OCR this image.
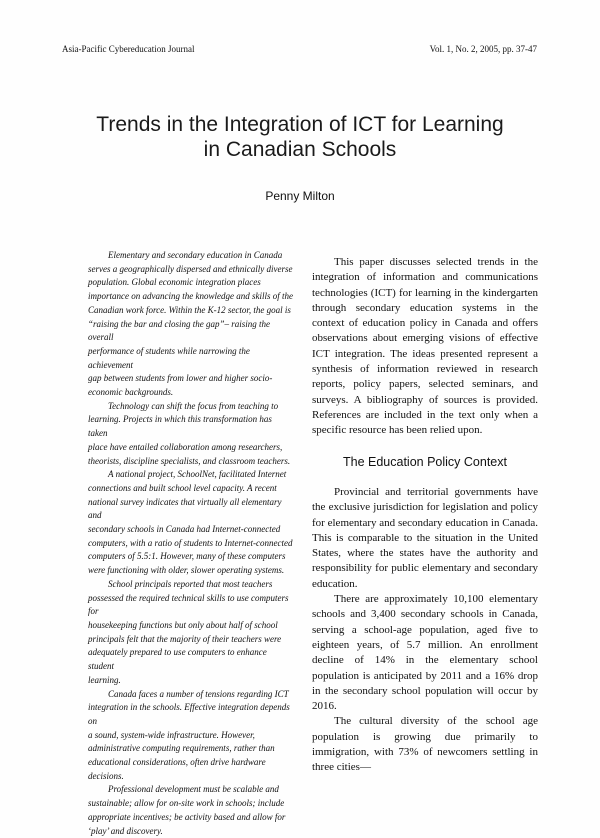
Asia-Pacific Cybereducation Journal	Vol. 1, No. 2, 2005, pp. 37-47
Trends in the Integration of ICT for Learning
in Canadian Schools
Penny Milton

Elementary and secondary education in Canada

serves a geographically dispersed and ethnically diverse

population. Global economic integration places

importance on advancing the knowledge and skills of the

Canadian work force. Within the K-12 sector, the goal is

“raising the bar and closing the gap”– raising the overall

performance of students while narrowing the achievement

gap between students from lower and higher socio-

economic backgrounds.

Technology can shift the focus from teaching to

learning. Projects in which this transformation has taken

place have entailed collaboration among researchers,

theorists, discipline specialists, and classroom teachers.

A national project, SchoolNet, facilitated Internet

connections and built school level capacity. A recent

national survey indicates that virtually all elementary and

secondary schools in Canada had Internet-connected

computers, with a ratio of students to Internet-connected

computers of 5.5:1. However, many of these computers

were functioning with older, slower operating systems.

School principals reported that most teachers

possessed the required technical skills to use computers for

housekeeping functions but only about half of school

principals felt that the majority of their teachers were

adequately prepared to use computers to enhance student

learning.

Canada faces a number of tensions regarding ICT

integration in the schools. Effective integration depends on

a sound, system-wide infrastructure. However,

administrative computing requirements, rather than

educational considerations, often drive hardware

decisions.

Professional development must be scalable and

sustainable; allow for on-site work in schools; include

appropriate incentives; be activity based and allow for

‘play’ and discovery.

This paper discusses selected trends in the integration of information and communications technologies (ICT) for learning in the kindergarten through secondary education systems in the context of education policy in Canada and offers observations about emerging visions of effective ICT integration. The ideas presented represent a synthesis of information reviewed in research reports, policy papers, selected seminars, and surveys. A bibliography of sources is provided. References are included in the text only when a specific resource has been relied upon.

The Education Policy Context

Provincial and territorial governments have the exclusive jurisdiction for legislation and policy for elementary and secondary education in Canada. This is comparable to the situation in the United States, where the states have the authority and responsibility for public elementary and secondary education.

There are approximately 10,100 elementary schools and 3,400 secondary schools in Canada, serving a school-age population, aged five to eighteen years, of 5.7 million. An enrollment decline of 14% in the elementary school population is anticipated by 2011 and a 16% drop in the secondary school population will occur by 2016.

The cultural diversity of the school age population is growing due primarily to immigration, with 73% of newcomers settling in three cities—
